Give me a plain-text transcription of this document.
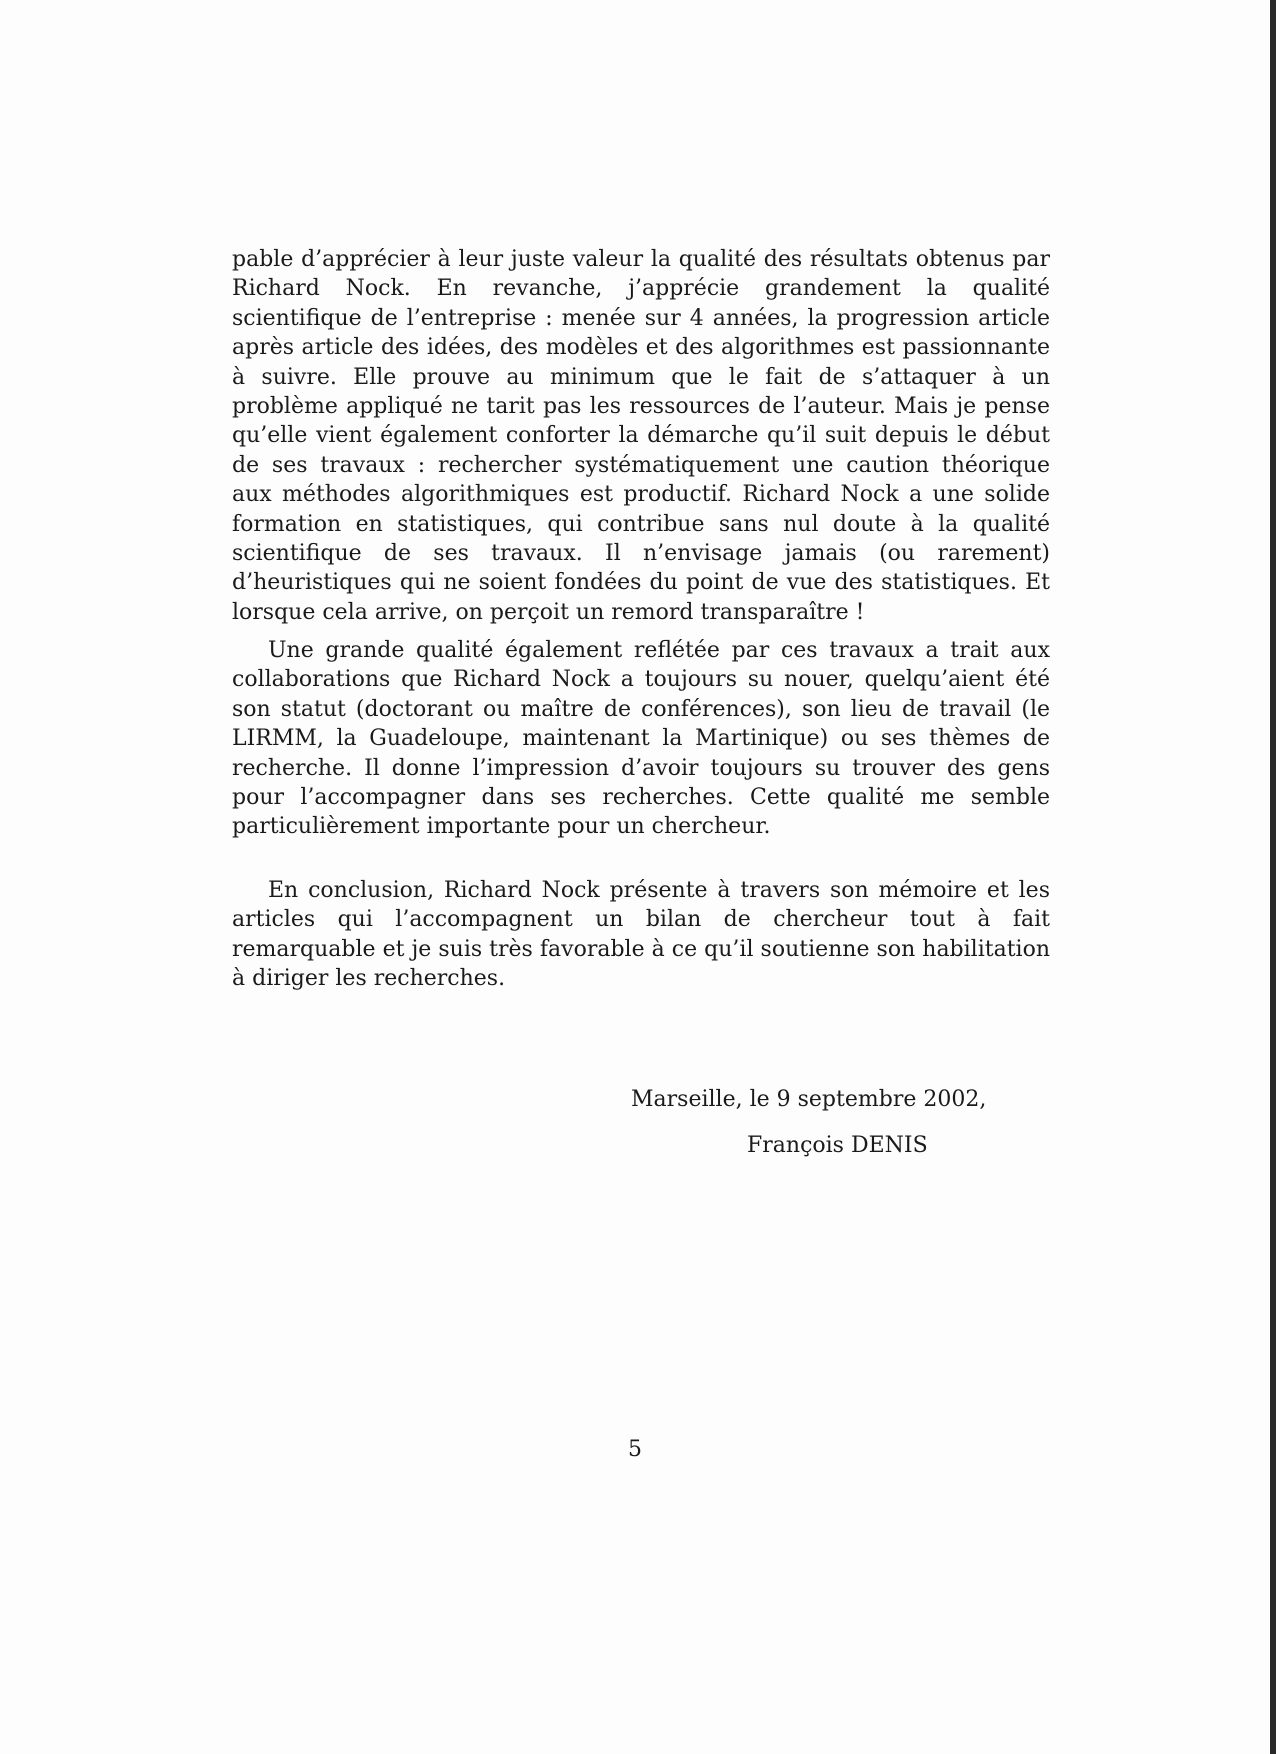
pable d’apprécier à leur juste valeur la qualité des résultats obtenus par Richard Nock. En revanche, j’apprécie grandement la qualité scientifique de l’entreprise : menée sur 4 années, la progression article après article des idées, des modèles et des algorithmes est passionnante à suivre. Elle prouve au minimum que le fait de s’attaquer à un problème appliqué ne tarit pas les ressources de l’auteur. Mais je pense qu’elle vient également conforter la démarche qu’il suit depuis le début de ses travaux : rechercher systématiquement une caution théorique aux méthodes algorithmiques est productif. Richard Nock a une solide formation en statistiques, qui contribue sans nul doute à la qualité scientifique de ses travaux. Il n’envisage jamais (ou rarement) d’heuristiques qui ne soient fondées du point de vue des statistiques. Et lorsque cela arrive, on perçoit un remord transparaître !

Une grande qualité également reflétée par ces travaux a trait aux collaborations que Richard Nock a toujours su nouer, quelqu’aient été son statut (doctorant ou maître de conférences), son lieu de travail (le LIRMM, la Guadeloupe, maintenant la Martinique) ou ses thèmes de recherche. Il donne l’impression d’avoir toujours su trouver des gens pour l’accompagner dans ses recherches. Cette qualité me semble particulièrement importante pour un chercheur.

En conclusion, Richard Nock présente à travers son mémoire et les articles qui l’accompagnent un bilan de chercheur tout à fait remarquable et je suis très favorable à ce qu’il soutienne son habilitation à diriger les recherches.

Marseille, le 9 septembre 2002,
François DENIS
5
